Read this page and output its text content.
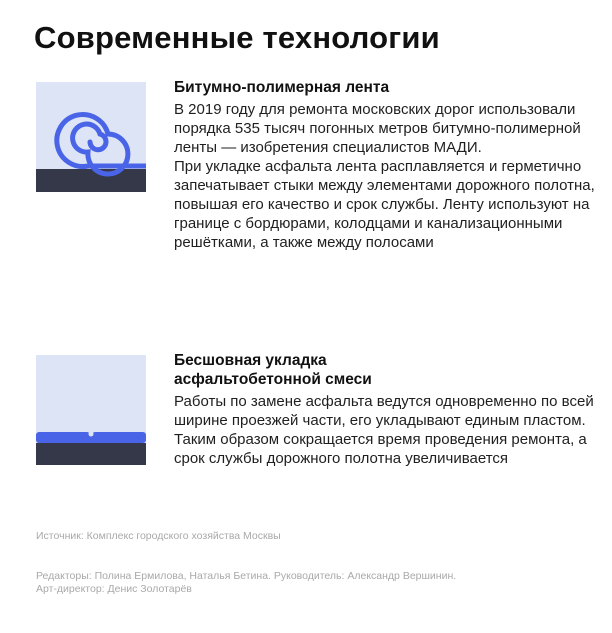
Современные технологии

Битумно-полимерная лента

В 2019 году для ремонта московских дорог использовали порядка 535 тысяч погонных метров битумно-полимерной ленты — изобретения специалистов МАДИ.

При укладке асфальта лента расплавляется и герметично запечатывает стыки между элементами дорожного полотна, повышая его качество и срок службы. Ленту используют на границе с бордюрами, колодцами и канализационными решётками, а также между полосами

Бесшовная укладка
асфальтобетонной смеси

Работы по замене асфальта ведутся одновременно по всей ширине проезжей части, его укладывают единым пластом. Таким образом сокращается время проведения ремонта, а срок службы дорожного полотна увеличивается

Источник: Комплекс городского хозяйства Москвы
Редакторы: Полина Ермилова, Наталья Бетина. Руководитель: Александр Вершинин.
Арт-директор: Денис Золотарёв
